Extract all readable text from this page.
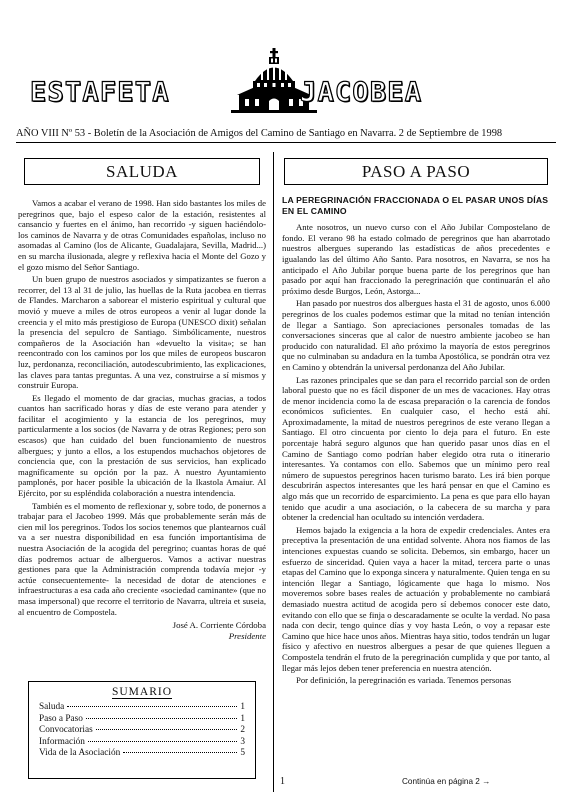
ESTAFETA	JACOBEA
AÑO VIII Nº 53 - Boletín de la Asociación de Amigos del Camino de Santiago en Navarra. 2 de Septiembre de 1998
SALUDA

Vamos a acabar el verano de 1998. Han sido bastantes los miles de peregrinos que, bajo el espeso calor de la estación, resistentes al cansancio y fuertes en el ánimo, han recorrido -y siguen haciéndolo- los caminos de Navarra y de otras Comunidades españolas, incluso no asomadas al Camino (los de Alicante, Guadalajara, Sevilla, Madrid...) en su marcha ilusionada, alegre y reflexiva hacia el Monte del Gozo y el gozo mismo del Señor Santiago.

Un buen grupo de nuestros asociados y simpatizantes se fueron a recorrer, del 13 al 31 de julio, las huellas de la Ruta jacobea en tierras de Flandes. Marcharon a saborear el misterio espiritual y cultural que movió y mueve a miles de otros europeos a venir al lugar donde la creencia y el mito más prestigioso de Europa (UNESCO dixit) señalan la presencia del sepulcro de Santiago. Simbólicamente, nuestros compañeros de la Asociación han «devuelto la visita»; se han reencontrado con los caminos por los que miles de europeos buscaron luz, perdonanza, reconciliación, autodescubrimiento, las explicaciones, las claves para tantas preguntas. A una vez, construirse a sí mismos y construir Europa.

Es llegado el momento de dar gracias, muchas gracias, a todos cuantos han sacrificado horas y días de este verano para atender y facilitar el acogimiento y la estancia de los peregrinos, muy particularmente a los socios (de Navarra y de otras Regiones; pero son escasos) que han cuidado del buen funcionamiento de nuestros albergues; y junto a ellos, a los estupendos muchachos objetores de conciencia que, con la prestación de sus servicios, han explicado magníficamente su opción por la paz. A nuestro Ayuntamiento pamplonés, por hacer posible la ubicación de la Ikastola Amaiur. Al Ejército, por su espléndida colaboración a nuestra intendencia.

También es el momento de reflexionar y, sobre todo, de ponernos a trabajar para el Jacobeo 1999. Más que probablemente serán más de cien mil los peregrinos. Todos los socios tenemos que plantearnos cuál va a ser nuestra disponibilidad en esa función importantísima de nuestra Asociación de la acogida del peregrino; cuantas horas de qué días podremos actuar de albergueros. Vamos a activar nuestras gestiones para que la Administración comprenda todavía mejor -y actúe consecuentemente- la necesidad de dotar de atenciones e infraestructuras a esa cada año creciente «sociedad caminante» (que no masa impersonal) que recorre el territorio de Navarra, ultreia et suseia, al encuentro de Compostela.

José A. Corriente Córdoba
Presidente
SUMARIO
Saluda	1
Paso a Paso	1
Convocatorias	2
Información	3
Vida de la Asociación	5
PASO A PASO
LA PEREGRINACIÓN FRACCIONADA O EL PASAR UNOS DÍAS EN EL CAMINO

Ante nosotros, un nuevo curso con el Año Jubilar Compostelano de fondo. El verano 98 ha estado colmado de peregrinos que han abarrotado nuestros albergues superando las estadísticas de años precedentes e igualando las del último Año Santo. Para nosotros, en Navarra, se nos ha anticipado el Año Jubilar porque buena parte de los peregrinos que han pasado por aquí han fraccionado la peregrinación que continuarán el año próximo desde Burgos, León, Astorga...

Han pasado por nuestros dos albergues hasta el 31 de agosto, unos 6.000 peregrinos de los cuales podemos estimar que la mitad no tenían intención de llegar a Santiago. Son apreciaciones personales tomadas de las conversaciones sinceras que al calor de nuestro ambiente jacobeo se han producido con naturalidad. El año próximo la mayoría de estos peregrinos que no culminaban su andadura en la tumba Apostólica, se pondrán otra vez en Camino y obtendrán la universal perdonanza del Año Jubilar.

Las razones principales que se dan para el recorrido parcial son de orden laboral puesto que no es fácil disponer de un mes de vacaciones. Hay otras de menor incidencia como la de escasa preparación o la carencia de fondos económicos suficientes. En cualquier caso, el hecho está ahí. Aproximadamente, la mitad de nuestros peregrinos de este verano llegan a Santiago. El otro cincuenta por ciento lo deja para el futuro. En este porcentaje habrá seguro algunos que han querido pasar unos días en el Camino de Santiago como podrían haber elegido otra ruta o itinerario interesantes. Ya contamos con ello. Sabemos que un mínimo pero real número de supuestos peregrinos hacen turismo barato. Les irá bien porque descubrirán aspectos interesantes que les hará pensar en que el Camino es algo más que un recorrido de esparcimiento. La pena es que para ello hayan tenido que acudir a una asociación, o la cabecera de su marcha y para obtener la credencial han ocultado su intención verdadera.

Hemos bajado la exigencia a la hora de expedir credenciales. Antes era preceptiva la presentación de una entidad solvente. Ahora nos fiamos de las intenciones expuestas cuando se solicita. Debemos, sin embargo, hacer un esfuerzo de sinceridad. Quien vaya a hacer la mitad, tercera parte o unas etapas del Camino que lo exponga sincera y naturalmente. Quien tenga en su intención llegar a Santiago, lógicamente que haga lo mismo. Nos moveremos sobre bases reales de actuación y probablemente no cambiará demasiado nuestra actitud de acogida pero sí debemos conocer este dato, evitando con ello que se finja o descaradamente se oculte la verdad. No pasa nada con decir, tengo quince días y voy hasta León, o voy a repasar este Camino que hice hace unos años. Mientras haya sitio, todos tendrán un lugar físico y afectivo en nuestros albergues a pesar de que quienes lleguen a Compostela tendrán el fruto de la peregrinación cumplida y que por tanto, al llegar más lejos deben tener preferencia en nuestra atención.

Por definición, la peregrinación es variada. Tenemos personas

1	Continúa en página 2 →
